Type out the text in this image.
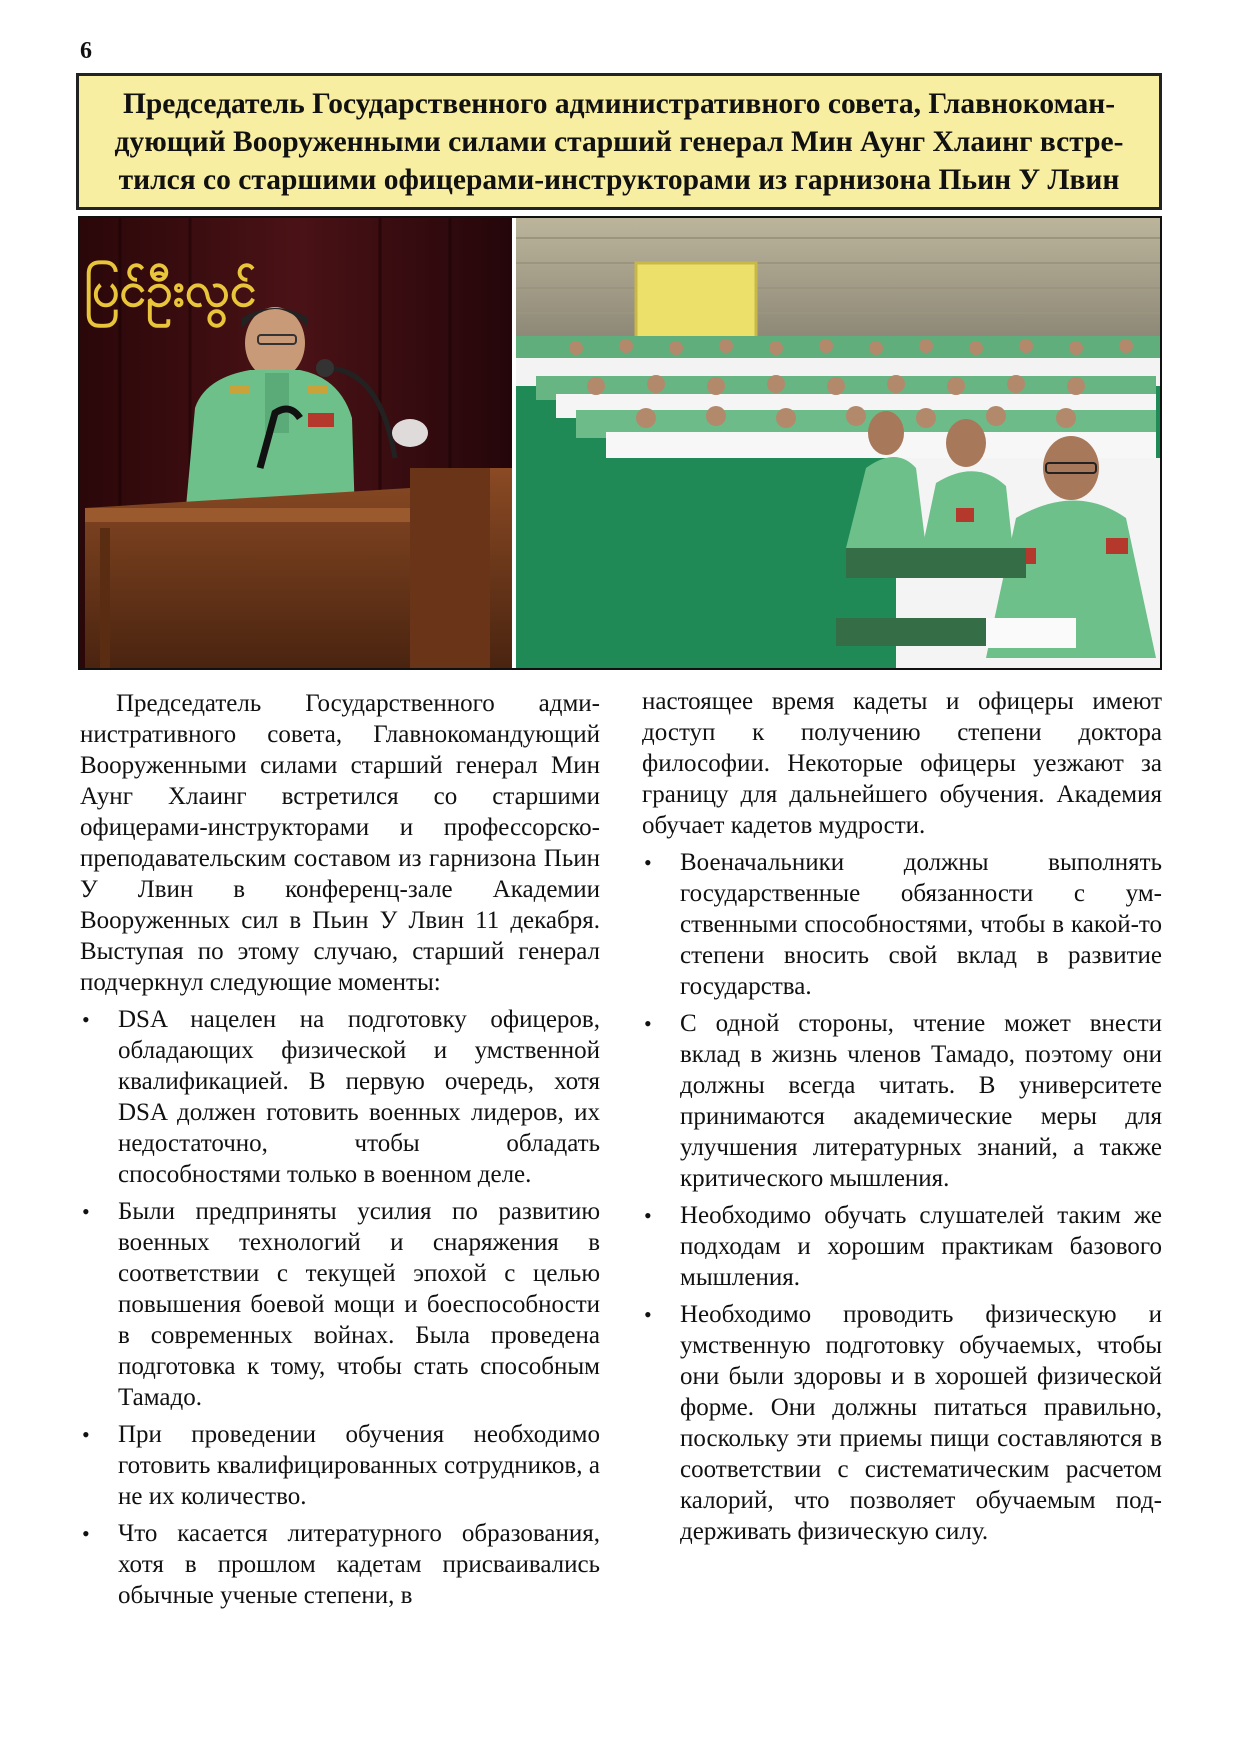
6
Председатель Государственного административного совета, Главнокомандующий Вооруженными силами старший генерал Мин Аунг Хлаинг встретился со старшими офицерами-инструкторами из гарнизона Пьин У Лвин
ပြင်ဦးလွင်

Председатель Государственного административного совета, Главнокомандующий Вооруженными силами старший генерал Мин Аунг Хлаинг встретился со старшими офицерами-инструкторами и профессорско-преподавательским составом из гарнизона Пьин У Лвин в конференц-зале Академии Вооруженных сил в Пьин У Лвин 11 декабря. Выступая по этому случаю, старший генерал подчеркнул следующие моменты:

• DSA нацелен на подготовку офицеров, обладающих физической и умственной квалификацией. В первую очередь, хотя DSA должен готовить военных лидеров, их недостаточно, чтобы обладать способностями только в военном деле.
• Были предприняты усилия по развитию военных технологий и снаряжения в соответствии с текущей эпохой с целью повышения боевой мощи и боеспособности в современных войнах. Была проведена подготовка к тому, чтобы стать способным Тамадо.
• При проведении обучения необходимо готовить квалифицированных сотрудников, а не их количество.
• Что касается литературного образования, хотя в прошлом кадетам присваивались обычные ученые степени, в

настоящее время кадеты и офицеры имеют доступ к получению степени доктора философии. Некоторые офицеры уезжают за границу для дальнейшего обучения. Академия обучает кадетов мудрости.

• Военачальники должны выполнять государственные обязанности с умственными способностями, чтобы в какой-то степени вносить свой вклад в развитие государства.
• С одной стороны, чтение может внести вклад в жизнь членов Тамадо, поэтому они должны всегда читать. В университете принимаются академические меры для улучшения литературных знаний, а также критического мышления.
• Необходимо обучать слушателей таким же подходам и хорошим практикам базового мышления.
• Необходимо проводить физическую и умственную подготовку обучаемых, чтобы они были здоровы и в хорошей физической форме. Они должны питаться правильно, поскольку эти приемы пищи составляются в соответствии с систематическим расчетом калорий, что позволяет обучаемым поддерживать физическую силу.
